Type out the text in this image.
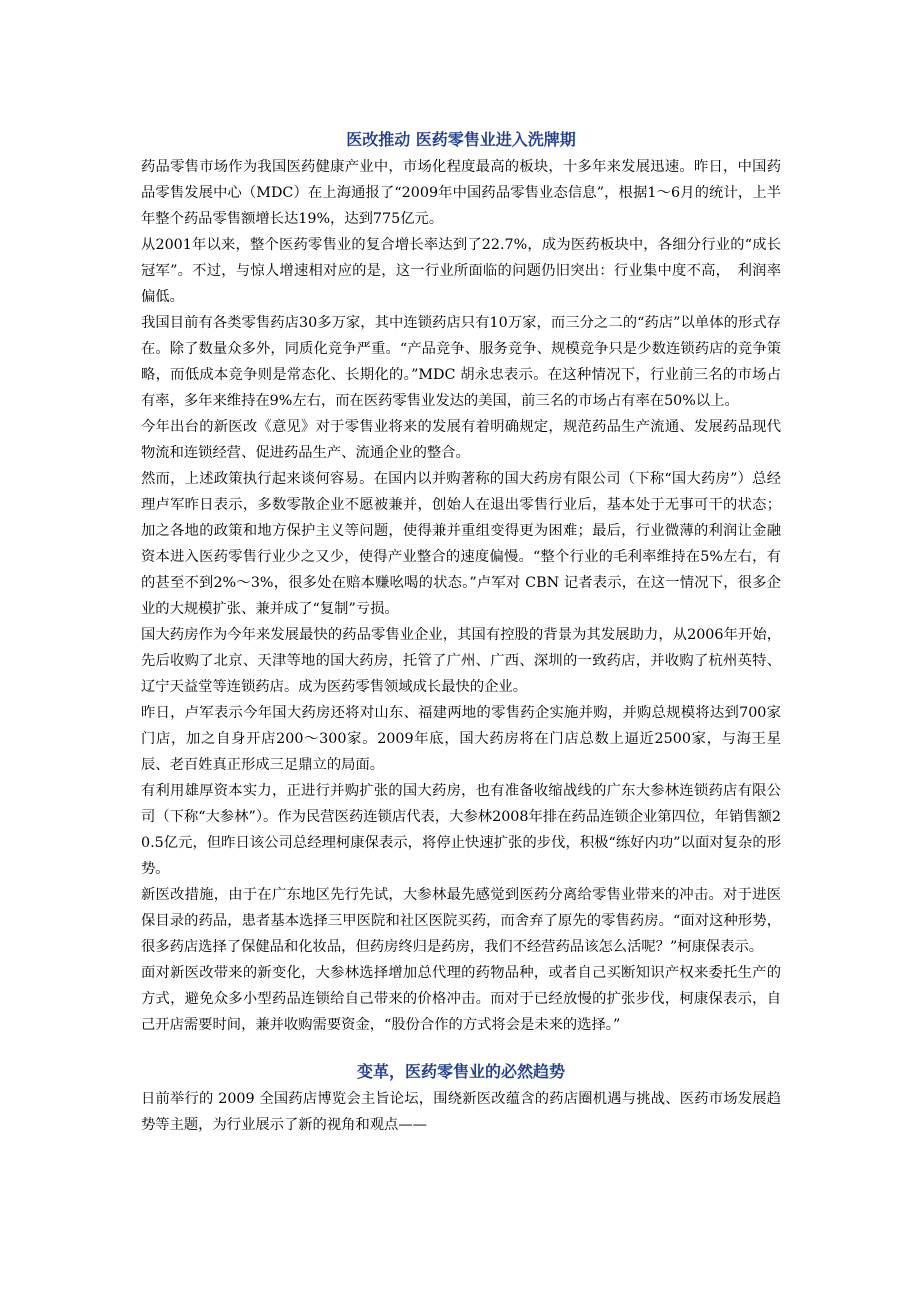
医改推动 医药零售业进入洗牌期

药品零售市场作为我国医药健康产业中，市场化程度最高的板块，十多年来发展迅速。昨日，中国药品零售发展中心（MDC）在上海通报了“2009年中国药品零售业态信息”，根据1～6月的统计，上半年整个药品零售额增长达19%，达到775亿元。

从2001年以来，整个医药零售业的复合增长率达到了22.7%，成为医药板块中，各细分行业的“成长冠军”。不过，与惊人增速相对应的是，这一行业所面临的问题仍旧突出：行业集中度不高，　利润率偏低。

我国目前有各类零售药店30多万家，其中连锁药店只有10万家，而三分之二的“药店”以单体的形式存在。除了数量众多外，同质化竞争严重。“产品竞争、服务竞争、规模竞争只是少数连锁药店的竞争策略，而低成本竞争则是常态化、长期化的。”MDC 胡永忠表示。在这种情况下，行业前三名的市场占有率，多年来维持在9%左右，而在医药零售业发达的美国，前三名的市场占有率在50%以上。

今年出台的新医改《意见》对于零售业将来的发展有着明确规定，规范药品生产流通、发展药品现代物流和连锁经营、促进药品生产、流通企业的整合。

然而，上述政策执行起来谈何容易。在国内以并购著称的国大药房有限公司（下称“国大药房”）总经理卢军昨日表示，多数零散企业不愿被兼并，创始人在退出零售行业后，基本处于无事可干的状态；加之各地的政策和地方保护主义等问题，使得兼并重组变得更为困难；最后，行业微薄的利润让金融资本进入医药零售行业少之又少，使得产业整合的速度偏慢。“整个行业的毛利率维持在5%左右，有的甚至不到2%～3%，很多处在赔本赚吆喝的状态。”卢军对 CBN 记者表示，在这一情况下，很多企业的大规模扩张、兼并成了“复制”亏损。

国大药房作为今年来发展最快的药品零售业企业，其国有控股的背景为其发展助力，从2006年开始，先后收购了北京、天津等地的国大药房，托管了广州、广西、深圳的一致药店，并收购了杭州英特、辽宁天益堂等连锁药店。成为医药零售领域成长最快的企业。

昨日，卢军表示今年国大药房还将对山东、福建两地的零售药企实施并购，并购总规模将达到700家门店，加之自身开店200～300家。2009年底，国大药房将在门店总数上逼近2500家，与海王星辰、老百姓真正形成三足鼎立的局面。

有利用雄厚资本实力，正进行并购扩张的国大药房，也有准备收缩战线的广东大参林连锁药店有限公司（下称“大参林”）。作为民营医药连锁店代表，大参林2008年排在药品连锁企业第四位，年销售额20.5亿元，但昨日该公司总经理柯康保表示，将停止快速扩张的步伐，积极“练好内功”以面对复杂的形势。

新医改措施，由于在广东地区先行先试，大参林最先感觉到医药分离给零售业带来的冲击。对于进医保目录的药品，患者基本选择三甲医院和社区医院买药，而舍弃了原先的零售药房。“面对这种形势，很多药店选择了保健品和化妆品，但药房终归是药房，我们不经营药品该怎么活呢？”柯康保表示。

面对新医改带来的新变化，大参林选择增加总代理的药物品种，或者自己买断知识产权来委托生产的方式，避免众多小型药品连锁给自己带来的价格冲击。而对于已经放慢的扩张步伐，柯康保表示，自己开店需要时间，兼并收购需要资金，“股份合作的方式将会是未来的选择。”

变革，医药零售业的必然趋势

日前举行的 2009 全国药店博览会主旨论坛，围绕新医改蕴含的药店圈机遇与挑战、医药市场发展趋势等主题，为行业展示了新的视角和观点——
